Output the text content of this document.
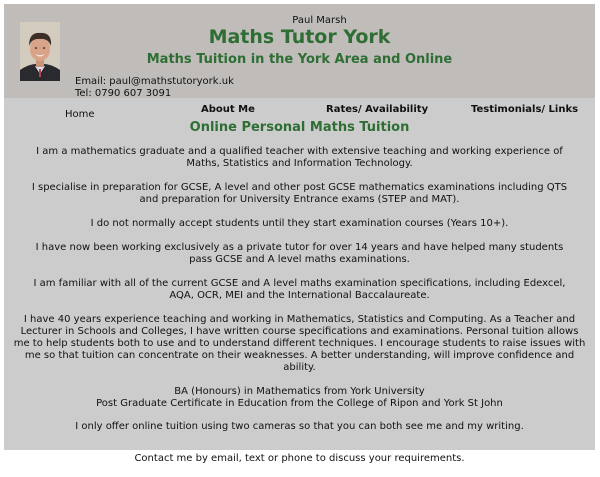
Paul Marsh
Maths Tutor York
Maths Tuition in the York Area and Online
Email: paul@mathstutoryork.uk
Tel: 0790 607 3091
Home	About Me	Rates/ Availability	Testimonials/ Links
Online Personal Maths Tuition

I am a mathematics graduate and a qualified teacher with extensive teaching and working experience of Maths, Statistics and Information Technology.

I specialise in preparation for GCSE, A level and other post GCSE mathematics examinations including QTS and preparation for University Entrance exams (STEP and MAT).

I do not normally accept students until they start examination courses (Years 10+).

I have now been working exclusively as a private tutor for over 14 years and have helped many students pass GCSE and A level maths examinations.

I am familiar with all of the current GCSE and A level maths examination specifications, including Edexcel, AQA, OCR, MEI and the International Baccalaureate.

I have 40 years experience teaching and working in Mathematics, Statistics and Computing. As a Teacher and Lecturer in Schools and Colleges, I have written course specifications and examinations. Personal tuition allows me to help students both to use and to understand different techniques. I encourage students to raise issues with me so that tuition can concentrate on their weaknesses. A better understanding, will improve confidence and ability.

BA (Honours) in Mathematics from York University
Post Graduate Certificate in Education from the College of Ripon and York St John

I only offer online tuition using two cameras so that you can both see me and my writing.

Contact me by email, text or phone to discuss your requirements.
